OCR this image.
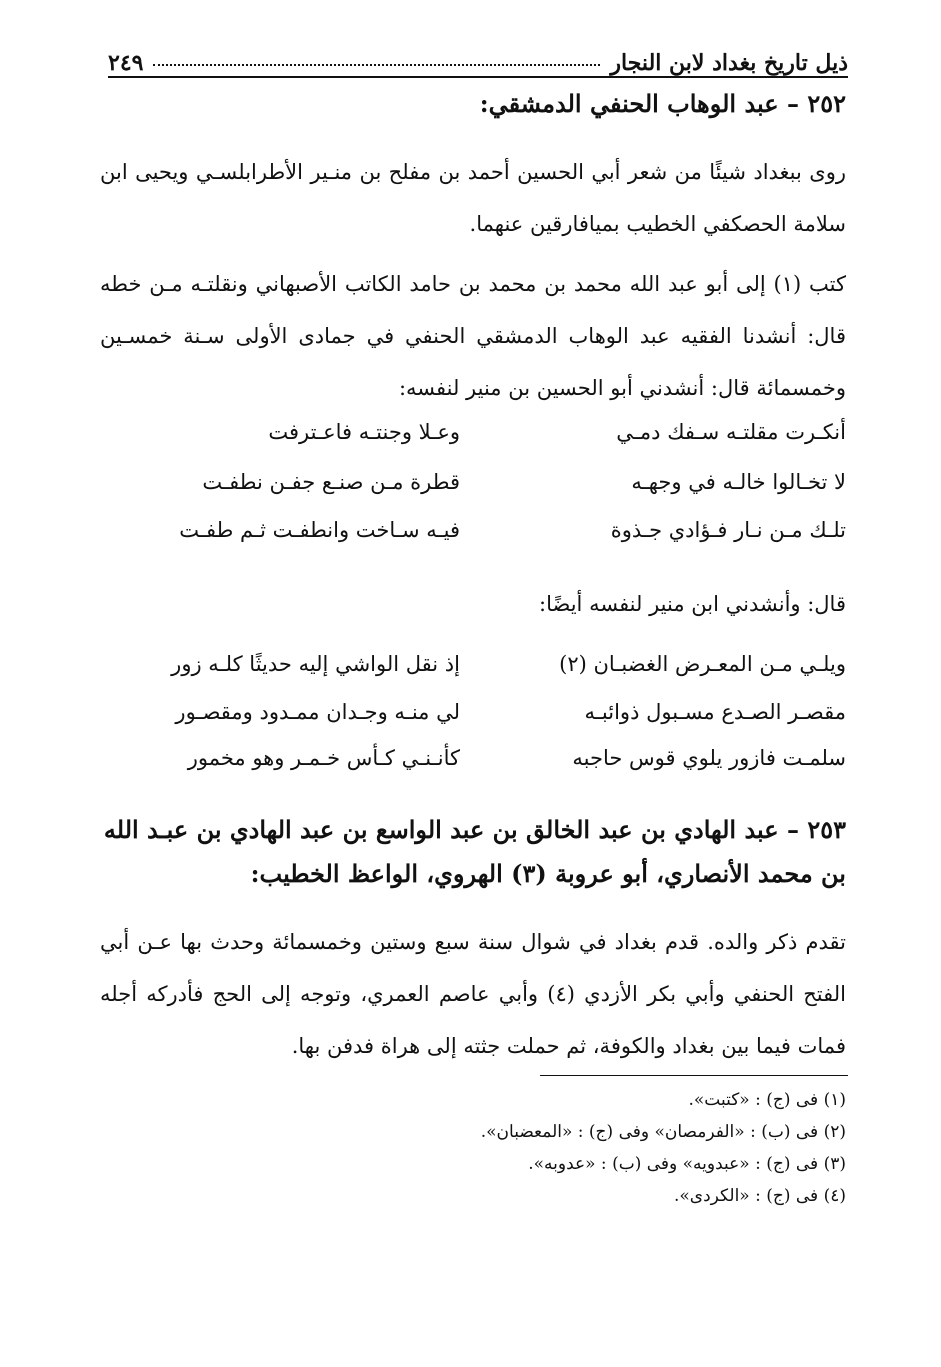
ذيل تاريخ بغداد لابن النجار
٢٤٩
٢٥٢ – عبد الوهاب الحنفي الدمشقي:
روى ببغداد شيئًا من شعر أبي الحسين أحمد بن مفلح بن منـير الأطرابلسـي ويحيى ابن سلامة الحصكفي الخطيب بميافارقين عنهما.
كتب (١) إلى أبو عبد الله محمد بن محمد بن حامد الكاتب الأصبهاني ونقلتـه مـن خطه قال: أنشدنا الفقيه عبد الوهاب الدمشقي الحنفي في جمادى الأولى سـنة خمسـين وخمسمائة قال: أنشدني أبو الحسين بن منير لنفسه:
أنكـرت مقلتـه سـفك دمـي
وعـلا وجنتـه فاعـترفت
لا تخـالوا خالـه في وجهـه
قطرة مـن صنـع جفـن نطفـت
تلـك مـن نـار فـؤادي جـذوة
فيـه سـاخت وانطفـت ثـم طفـت
قال: وأنشدني ابن منير لنفسه أيضًا:
ويلـي مـن المعـرض الغضبـان (٢)
إذ نقل الواشي إليه حديثًا كلـه زور
مقصـر الصـدع مسـبول ذوائبـه
لي منـه وجـدان ممـدود ومقصـور
سلمـت فازور يلوي قوس حاجبه
كأنـنـي كـأس خـمـر وهو مخمور
٢٥٣ – عبد الهادي بن عبد الخالق بن عبد الواسع بن عبد الهادي بن عبـد الله بن محمد الأنصاري، أبو عروبة (٣) الهروي، الواعظ الخطيب:
تقدم ذكر والده. قدم بغداد في شوال سنة سبع وستين وخمسمائة وحدث بها عـن أبي الفتح الحنفي وأبي بكر الأزدي (٤) وأبي عاصم العمري، وتوجه إلى الحج فأدركه أجله فمات فيما بين بغداد والكوفة، ثم حملت جثته إلى هراة فدفن بها.
(١) فى (ج) : «كتبت».
(٢) فى (ب) : «الفرمصان» وفى (ج) : «المعضبان».
(٣) فى (ج) : «عبدويه» وفى (ب) : «عدوبه».
(٤) فى (ج) : «الكردى».
